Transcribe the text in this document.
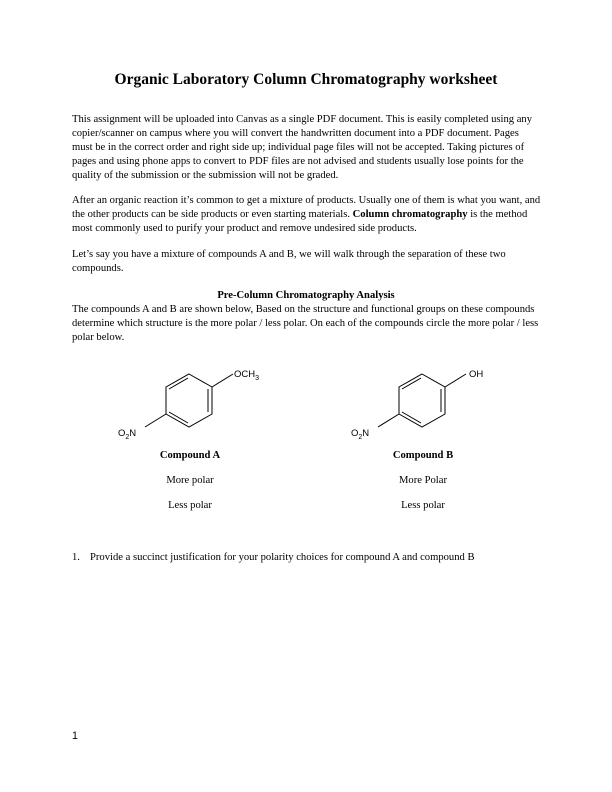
Organic Laboratory Column Chromatography worksheet

This assignment will be uploaded into Canvas as a single PDF document. This is easily completed using any copier/scanner on campus where you will convert the handwritten document into a PDF document. Pages must be in the correct order and right side up; individual page files will not be accepted. Taking pictures of pages and using phone apps to convert to PDF files are not advised and students usually lose points for the quality of the submission or the submission will not be graded.

After an organic reaction it’s common to get a mixture of products. Usually one of them is what you want, and the other products can be side products or even starting materials. Column chromatography is the method most commonly used to purify your product and remove undesired side products.

Let’s say you have a mixture of compounds A and B, we will walk through the separation of these two compounds.

Pre-Column Chromatography Analysis

The compounds A and B are shown below, Based on the structure and functional groups on these compounds determine which structure is the more polar / less polar. On each of the compounds circle the more polar / less polar below.

$OCH_3$
$O_2N$
Compound A
More polar
Less polar
OH
$O_2N$
Compound B
More Polar
Less polar
1. Provide a succinct justification for your polarity choices for compound A and compound B
1
